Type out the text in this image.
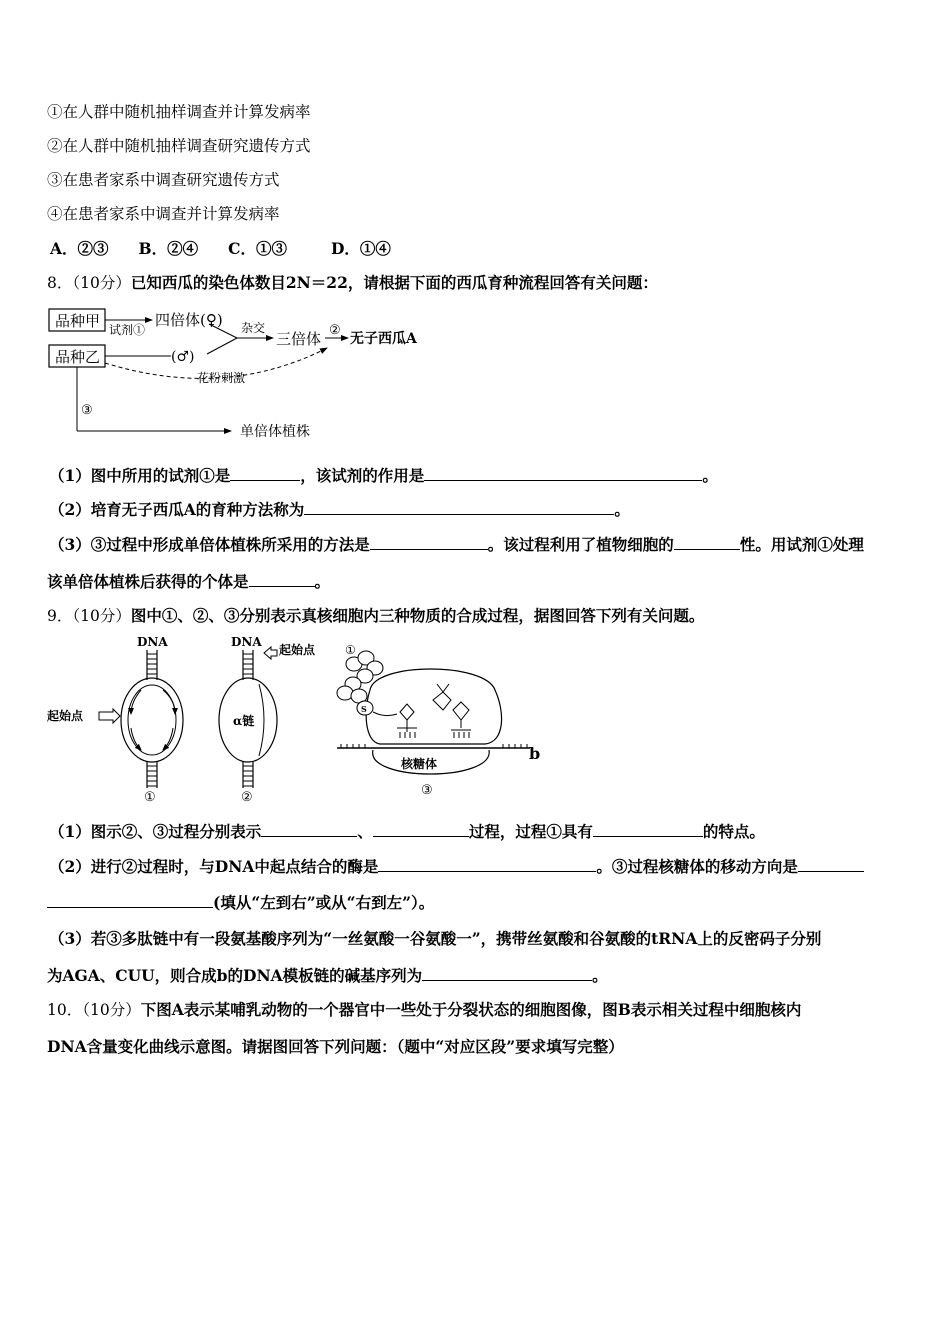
①在人群中随机抽样调查并计算发病率
②在人群中随机抽样调查研究遗传方式
③在患者家系中调查研究遗传方式
④在患者家系中调查并计算发病率
A．②③ B．②④ C．①③	D．①④
8．（10分）已知西瓜的染色体数目2N＝22，请根据下面的西瓜育种流程回答有关问题：
品种甲
品种乙
试剂①
四倍体(♀)
(♂)
杂交
三倍体 ②
无子西瓜A
花粉刺激
③
单倍体植株
（1）图中所用的试剂①是	，该试剂的作用是	。
（2）培育无子西瓜A的育种方法称为	。
（3）③过程中形成单倍体植株所采用的方法是	。该过程利用了植物细胞的	性。用试剂①处理
该单倍体植株后获得的个体是	。
9．（10分）图中①、②、③分别表示真核细胞内三种物质的合成过程，据图回答下列有关问题。
DNA
起始点
①
DNA
α链
起始点
②
①
S
核糖体
③
b
（1）图示②、③过程分别表示	、	过程，过程①具有	的特点。
（2）进行②过程时，与DNA中起点结合的酶是	。③过程核糖体的移动方向是
(填从“左到右”或从“右到左”）。
（3）若③多肽链中有一段氨基酸序列为“一丝氨酸一谷氨酸一”，携带丝氨酸和谷氨酸的tRNA上的反密码子分别
为AGA、CUU，则合成b的DNA模板链的碱基序列为	。
10．（10分）下图A表示某哺乳动物的一个器官中一些处于分裂状态的细胞图像，图B表示相关过程中细胞核内
DNA含量变化曲线示意图。请据图回答下列问题：（题中“对应区段”要求填写完整）
